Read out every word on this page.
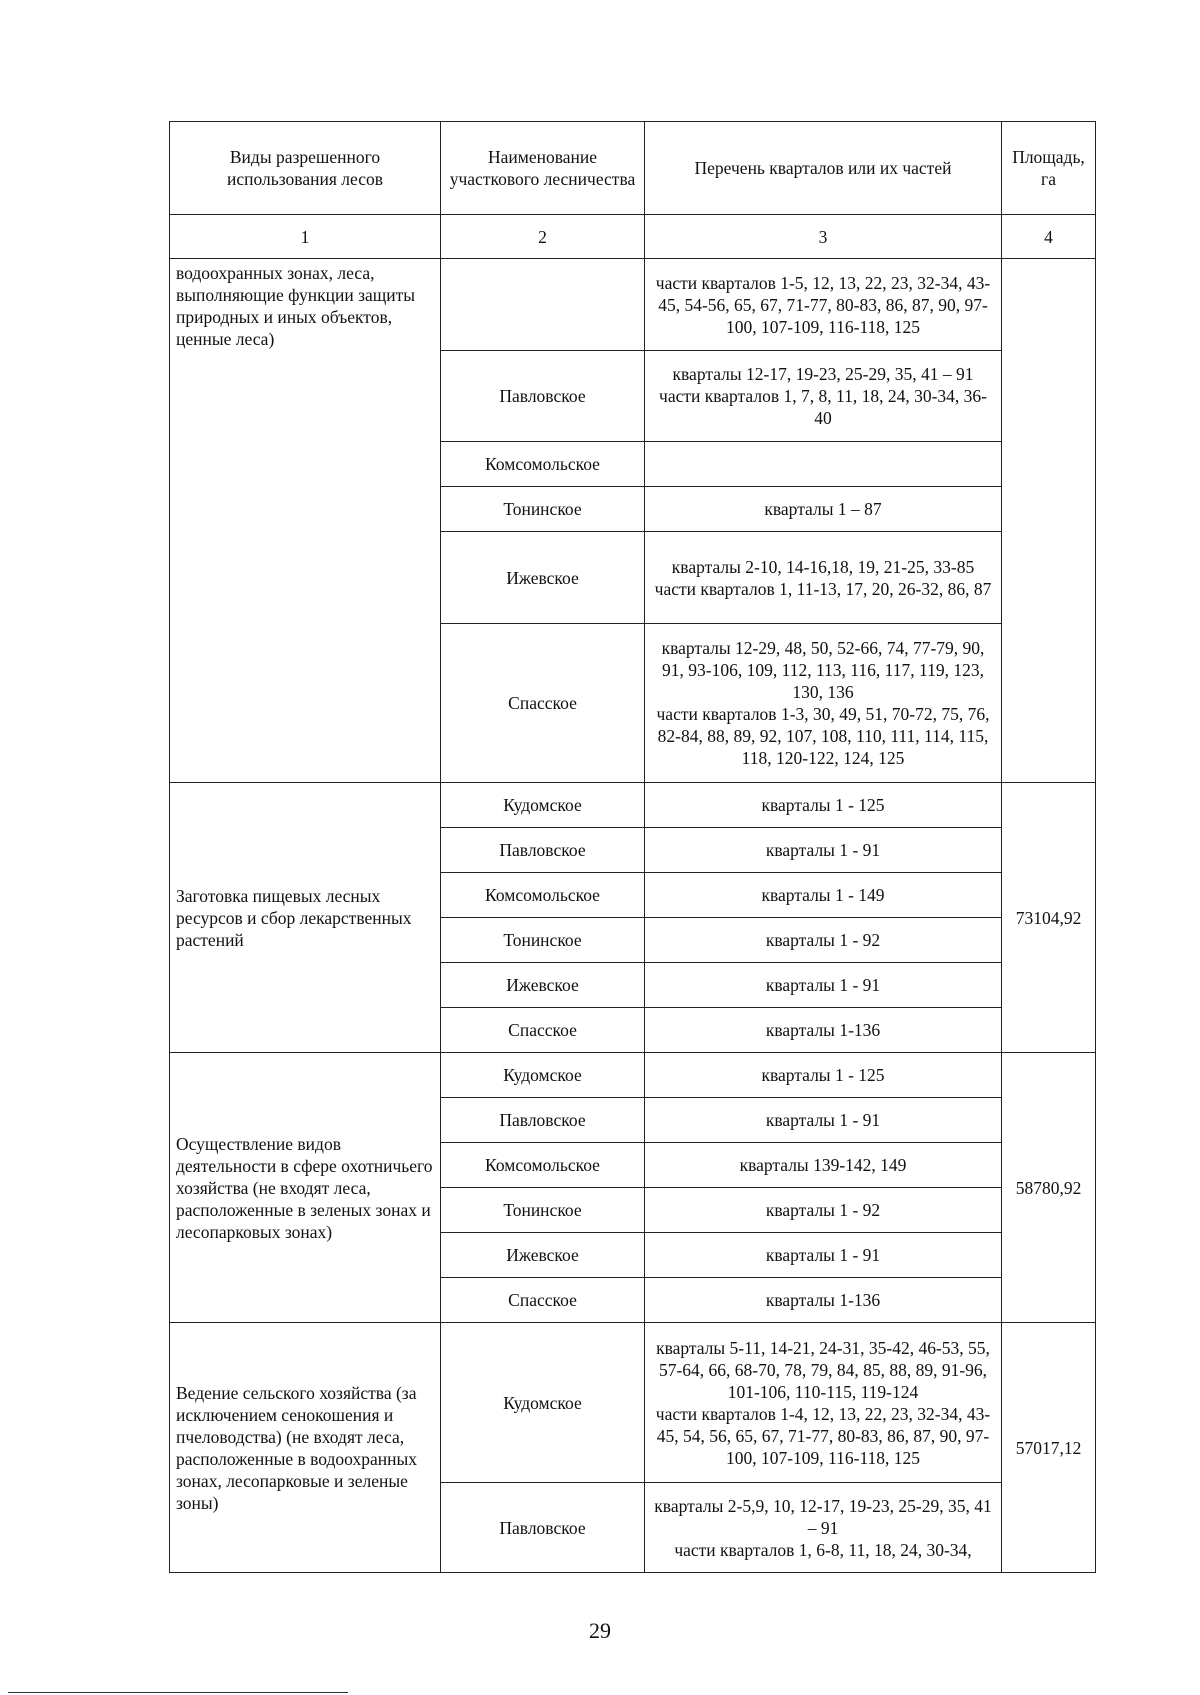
Виды разрешенного использования лесов	Наименование участкового лесничества	Перечень кварталов или их частей	Площадь, га
1	2	3	4
водоохранных зонах, леса, выполняющие функции защиты природных и иных объектов, ценные леса)		части кварталов 1-5, 12, 13, 22, 23, 32-34, 43-45, 54-56, 65, 67, 71-77, 80-83, 86, 87, 90, 97-100, 107-109, 116-118, 125	
	Павловское	кварталы 12-17, 19-23, 25-29, 35, 41 – 91
части кварталов 1, 7, 8, 11, 18, 24, 30-34, 36-40	
	Комсомольское		
	Тонинское	кварталы 1 – 87	
	Ижевское	кварталы 2-10, 14-16,18, 19, 21-25, 33-85
части кварталов 1, 11-13, 17, 20, 26-32, 86, 87	
	Спасское	кварталы 12-29, 48, 50, 52-66, 74, 77-79, 90, 91, 93-106, 109, 112, 113, 116, 117, 119, 123, 130, 136
части кварталов 1-3, 30, 49, 51, 70-72, 75, 76, 82-84, 88, 89, 92, 107, 108, 110, 111, 114, 115, 118, 120-122, 124, 125	
Заготовка пищевых лесных ресурсов и сбор лекарственных растений	Кудомское	кварталы 1 - 125	73104,92
	Павловское	кварталы 1 - 91	
	Комсомольское	кварталы 1 - 149	
	Тонинское	кварталы 1 - 92	
	Ижевское	кварталы 1 - 91	
	Спасское	кварталы 1-136	
Осуществление видов деятельности в сфере охотничьего хозяйства (не входят леса, расположенные в зеленых зонах и лесопарковых зонах)	Кудомское	кварталы 1 - 125	58780,92
	Павловское	кварталы 1 - 91	
	Комсомольское	кварталы 139-142, 149	
	Тонинское	кварталы 1 - 92	
	Ижевское	кварталы 1 - 91	
	Спасское	кварталы 1-136	
Ведение сельского хозяйства (за исключением сенокошения и пчеловодства) (не входят леса, расположенные в водоохранных зонах, лесопарковые и зеленые зоны)	Кудомское	кварталы 5-11, 14-21, 24-31, 35-42, 46-53, 55, 57-64, 66, 68-70, 78, 79, 84, 85, 88, 89, 91-96, 101-106, 110-115, 119-124
части кварталов 1-4, 12, 13, 22, 23, 32-34, 43-45, 54, 56, 65, 67, 71-77, 80-83, 86, 87, 90, 97-100, 107-109, 116-118, 125	57017,12
	Павловское	кварталы 2-5,9, 10, 12-17, 19-23, 25-29, 35, 41 – 91
части кварталов 1, 6-8, 11, 18, 24, 30-34,	
29
